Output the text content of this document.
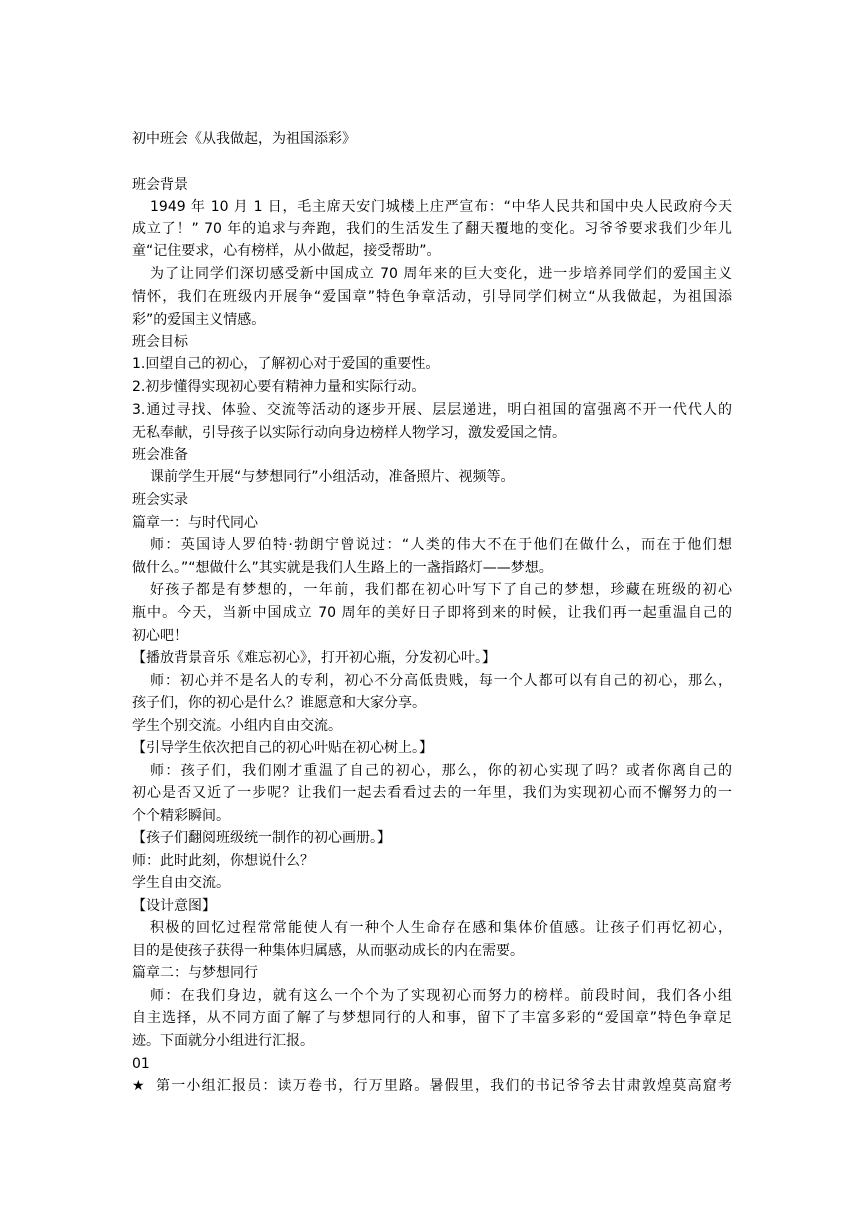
初中班会《从我做起，为祖国添彩》
班会背景
1949 年 10 月 1 日，毛主席天安门城楼上庄严宣布：“中华人民共和国中央人民政府今天
成立了！” 70 年的追求与奔跑，我们的生活发生了翻天覆地的变化。习爷爷要求我们少年儿
童“记住要求，心有榜样，从小做起，接受帮助”。
为了让同学们深切感受新中国成立 70 周年来的巨大变化，进一步培养同学们的爱国主义
情怀，我们在班级内开展争“爱国章”特色争章活动，引导同学们树立“从我做起，为祖国添
彩”的爱国主义情感。
班会目标
1.回望自己的初心，了解初心对于爱国的重要性。
2.初步懂得实现初心要有精神力量和实际行动。
3.通过寻找、体验、交流等活动的逐步开展、层层递进，明白祖国的富强离不开一代代人的
无私奉献，引导孩子以实际行动向身边榜样人物学习，激发爱国之情。
班会准备
课前学生开展“与梦想同行”小组活动，准备照片、视频等。
班会实录
篇章一：与时代同心
师：英国诗人罗伯特·勃朗宁曾说过：“人类的伟大不在于他们在做什么，而在于他们想
做什么。”“想做什么”其实就是我们人生路上的一盏指路灯——梦想。
好孩子都是有梦想的，一年前，我们都在初心叶写下了自己的梦想，珍藏在班级的初心
瓶中。今天，当新中国成立 70 周年的美好日子即将到来的时候，让我们再一起重温自己的
初心吧！
【播放背景音乐《难忘初心》，打开初心瓶，分发初心叶。】
师：初心并不是名人的专利，初心不分高低贵贱，每一个人都可以有自己的初心，那么，
孩子们，你的初心是什么？谁愿意和大家分享。
学生个别交流。小组内自由交流。
【引导学生依次把自己的初心叶贴在初心树上。】
师：孩子们，我们刚才重温了自己的初心，那么，你的初心实现了吗？或者你离自己的
初心是否又近了一步呢？让我们一起去看看过去的一年里，我们为实现初心而不懈努力的一
个个精彩瞬间。
【孩子们翻阅班级统一制作的初心画册。】
师：此时此刻，你想说什么？
学生自由交流。
【设计意图】
积极的回忆过程常常能使人有一种个人生命存在感和集体价值感。让孩子们再忆初心，
目的是使孩子获得一种集体归属感，从而驱动成长的内在需要。
篇章二：与梦想同行
师：在我们身边，就有这么一个个为了实现初心而努力的榜样。前段时间，我们各小组
自主选择，从不同方面了解了与梦想同行的人和事，留下了丰富多彩的“爱国章”特色争章足
迹。下面就分小组进行汇报。
01
★ 第一小组汇报员：读万卷书，行万里路。暑假里，我们的书记爷爷去甘肃敦煌莫高窟考
